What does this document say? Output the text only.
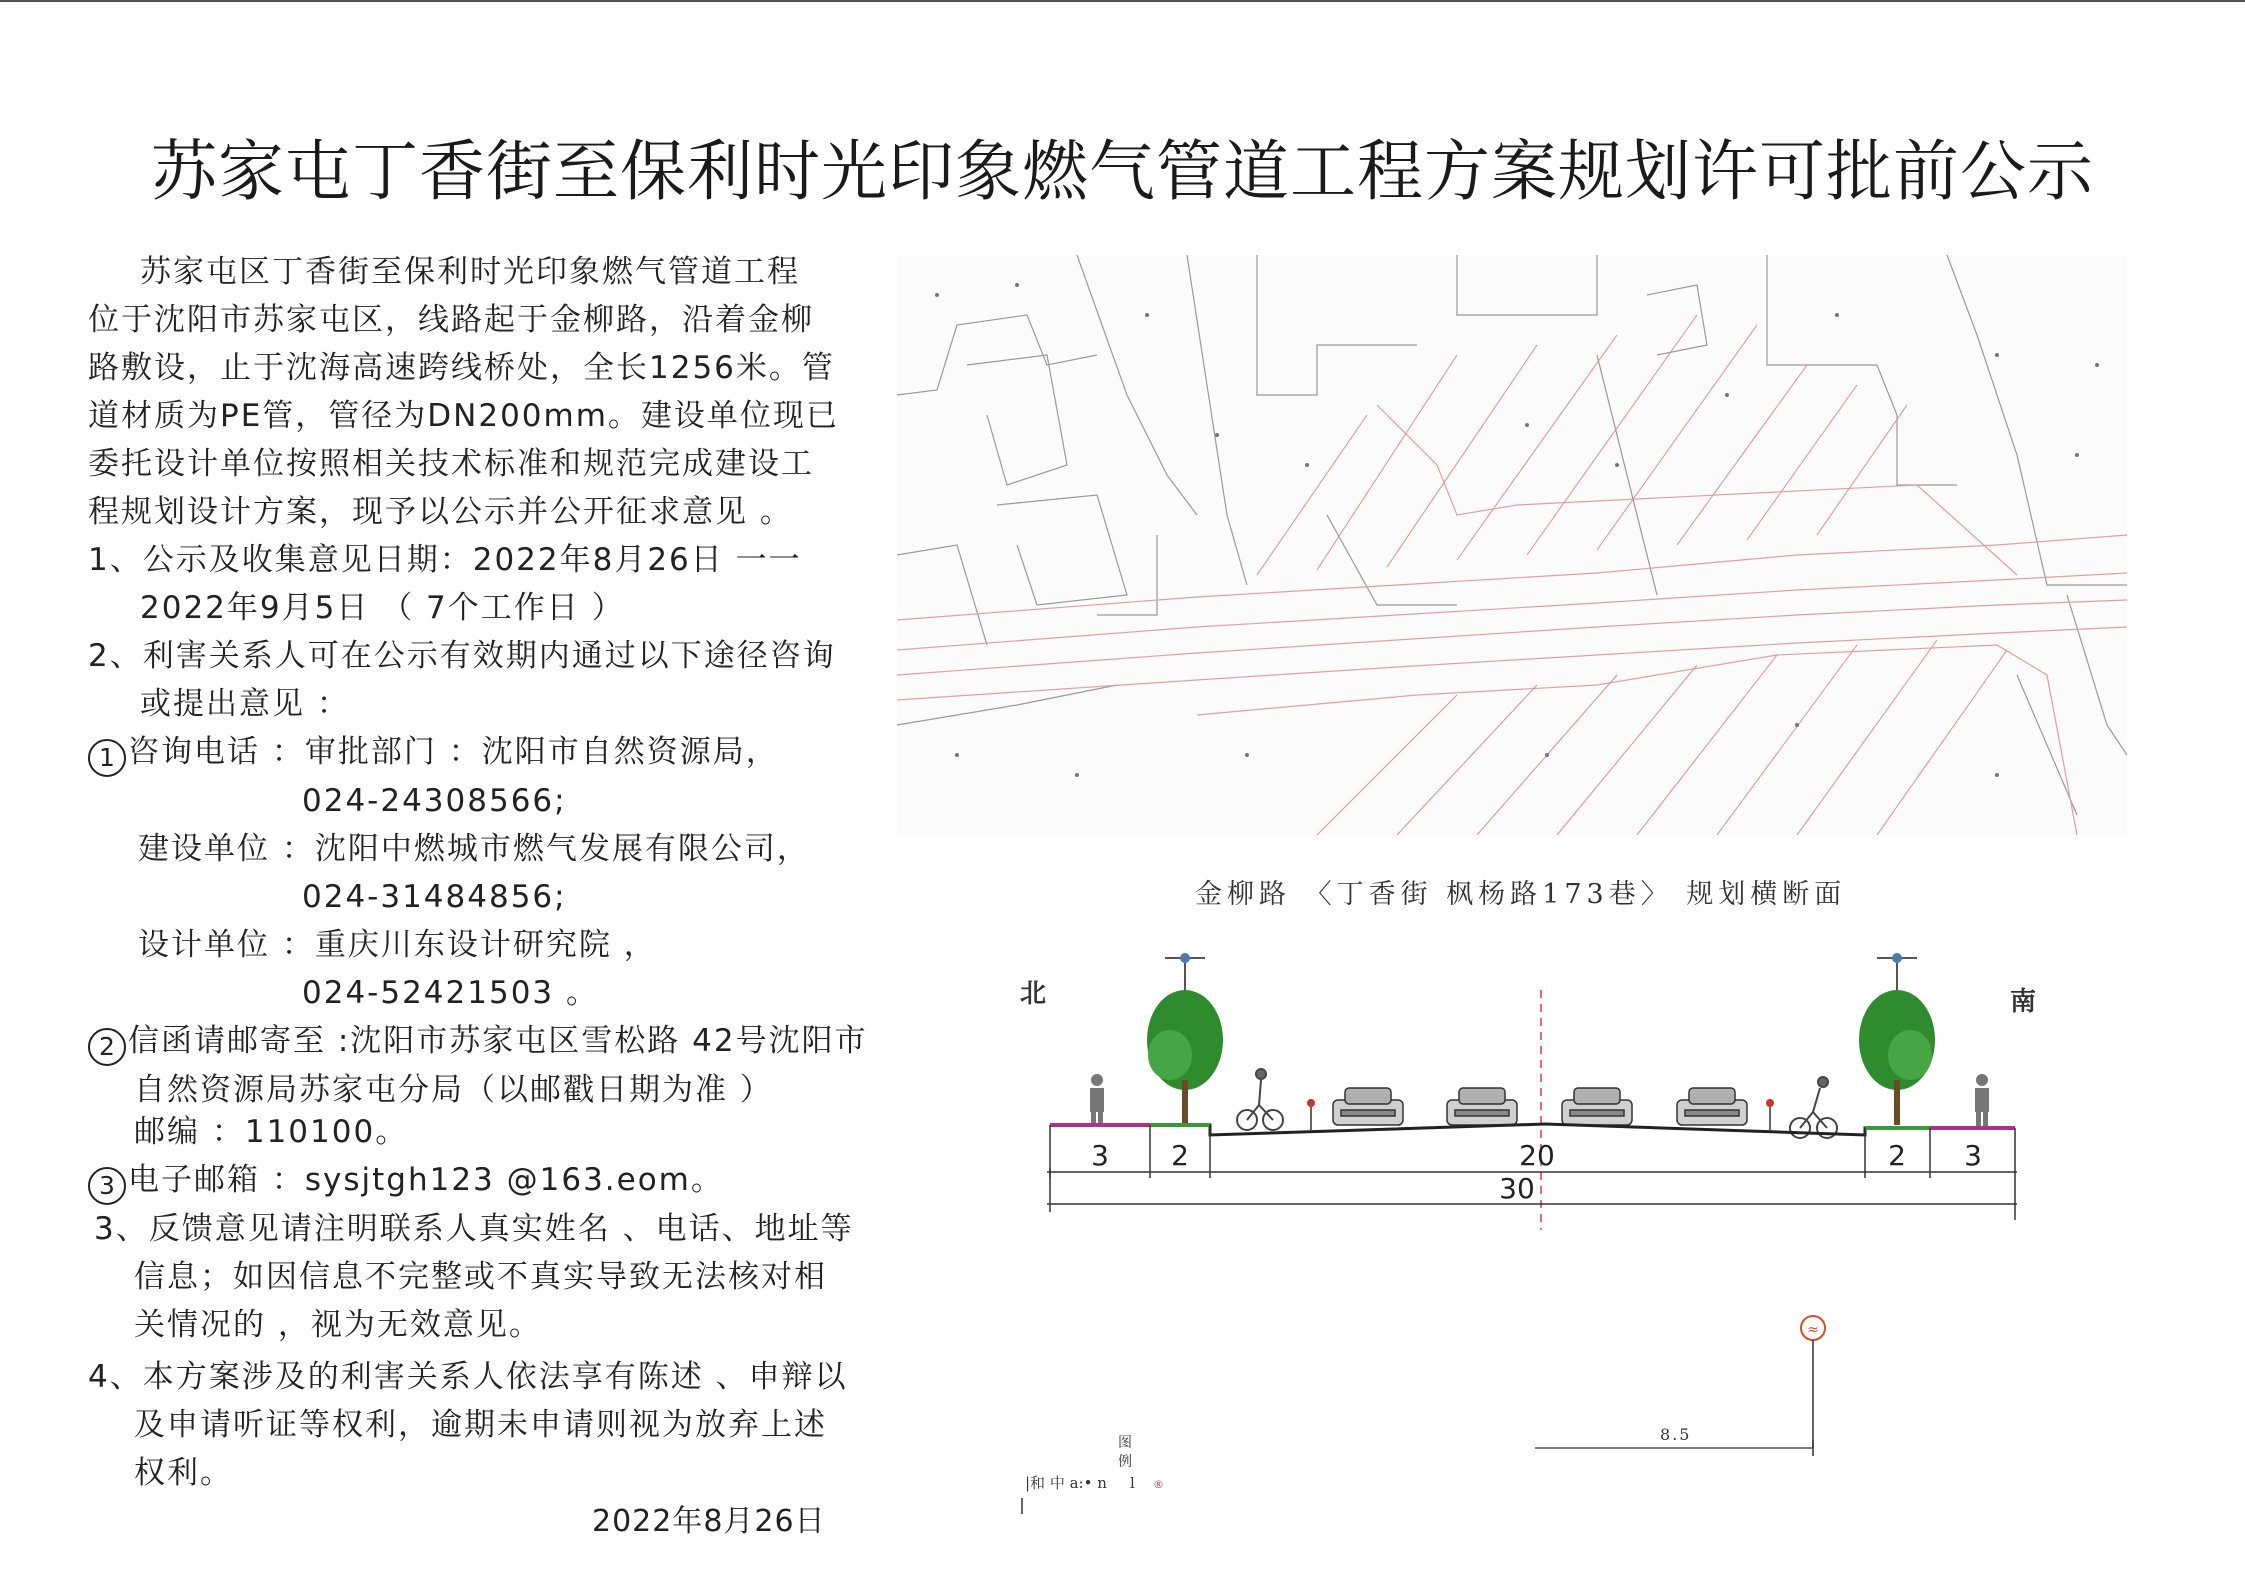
苏家屯丁香街至保利时光印象燃气管道工程方案规划许可批前公示
苏家屯区丁香街至保利时光印象燃气管道工程
位于沈阳市苏家屯区，线路起于金柳路，沿着金柳
路敷设，止于沈海高速跨线桥处，全长1256米。管
道材质为PE管，管径为DN200mm。建设单位现已
委托设计单位按照相关技术标准和规范完成建设工
程规划设计方案，现予以公示并公开征求意见 。
1、公示及收集意见日期：2022年8月26日 一一
2022年9月5日 （ 7个工作日 ）
2、利害关系人可在公示有效期内通过以下途径咨询
或提出意见 ：
1 咨询电话 ：审批部门 ：沈阳市自然资源局，
024-24308566;
建设单位 ：沈阳中燃城市燃气发展有限公司，
024-31484856;
设计单位 ：重庆川东设计研究院 ，
024-52421503 。
2 信函请邮寄至 :沈阳市苏家屯区雪松路 42号沈阳市
自然资源局苏家屯分局（以邮戳日期为准 ）
邮编 ：110100。
3 电子邮箱 ：sysjtgh123 @163.eom。
3、反馈意见请注明联系人真实姓名 、电话、地址等
信息；如因信息不完整或不真实导致无法核对相
关情况的 ，视为无效意见。
4、本方案涉及的利害关系人依法享有陈述 、申辩以
及申请听证等权利，逾期未申请则视为放弃上述
权利。
2022年8月26日
金柳路 〈丁香街 枫杨路173巷〉 规划横断面
北	南
3 2	20	2 3
30
≈
8.5
图
例
|和 中 a:• n l ®
